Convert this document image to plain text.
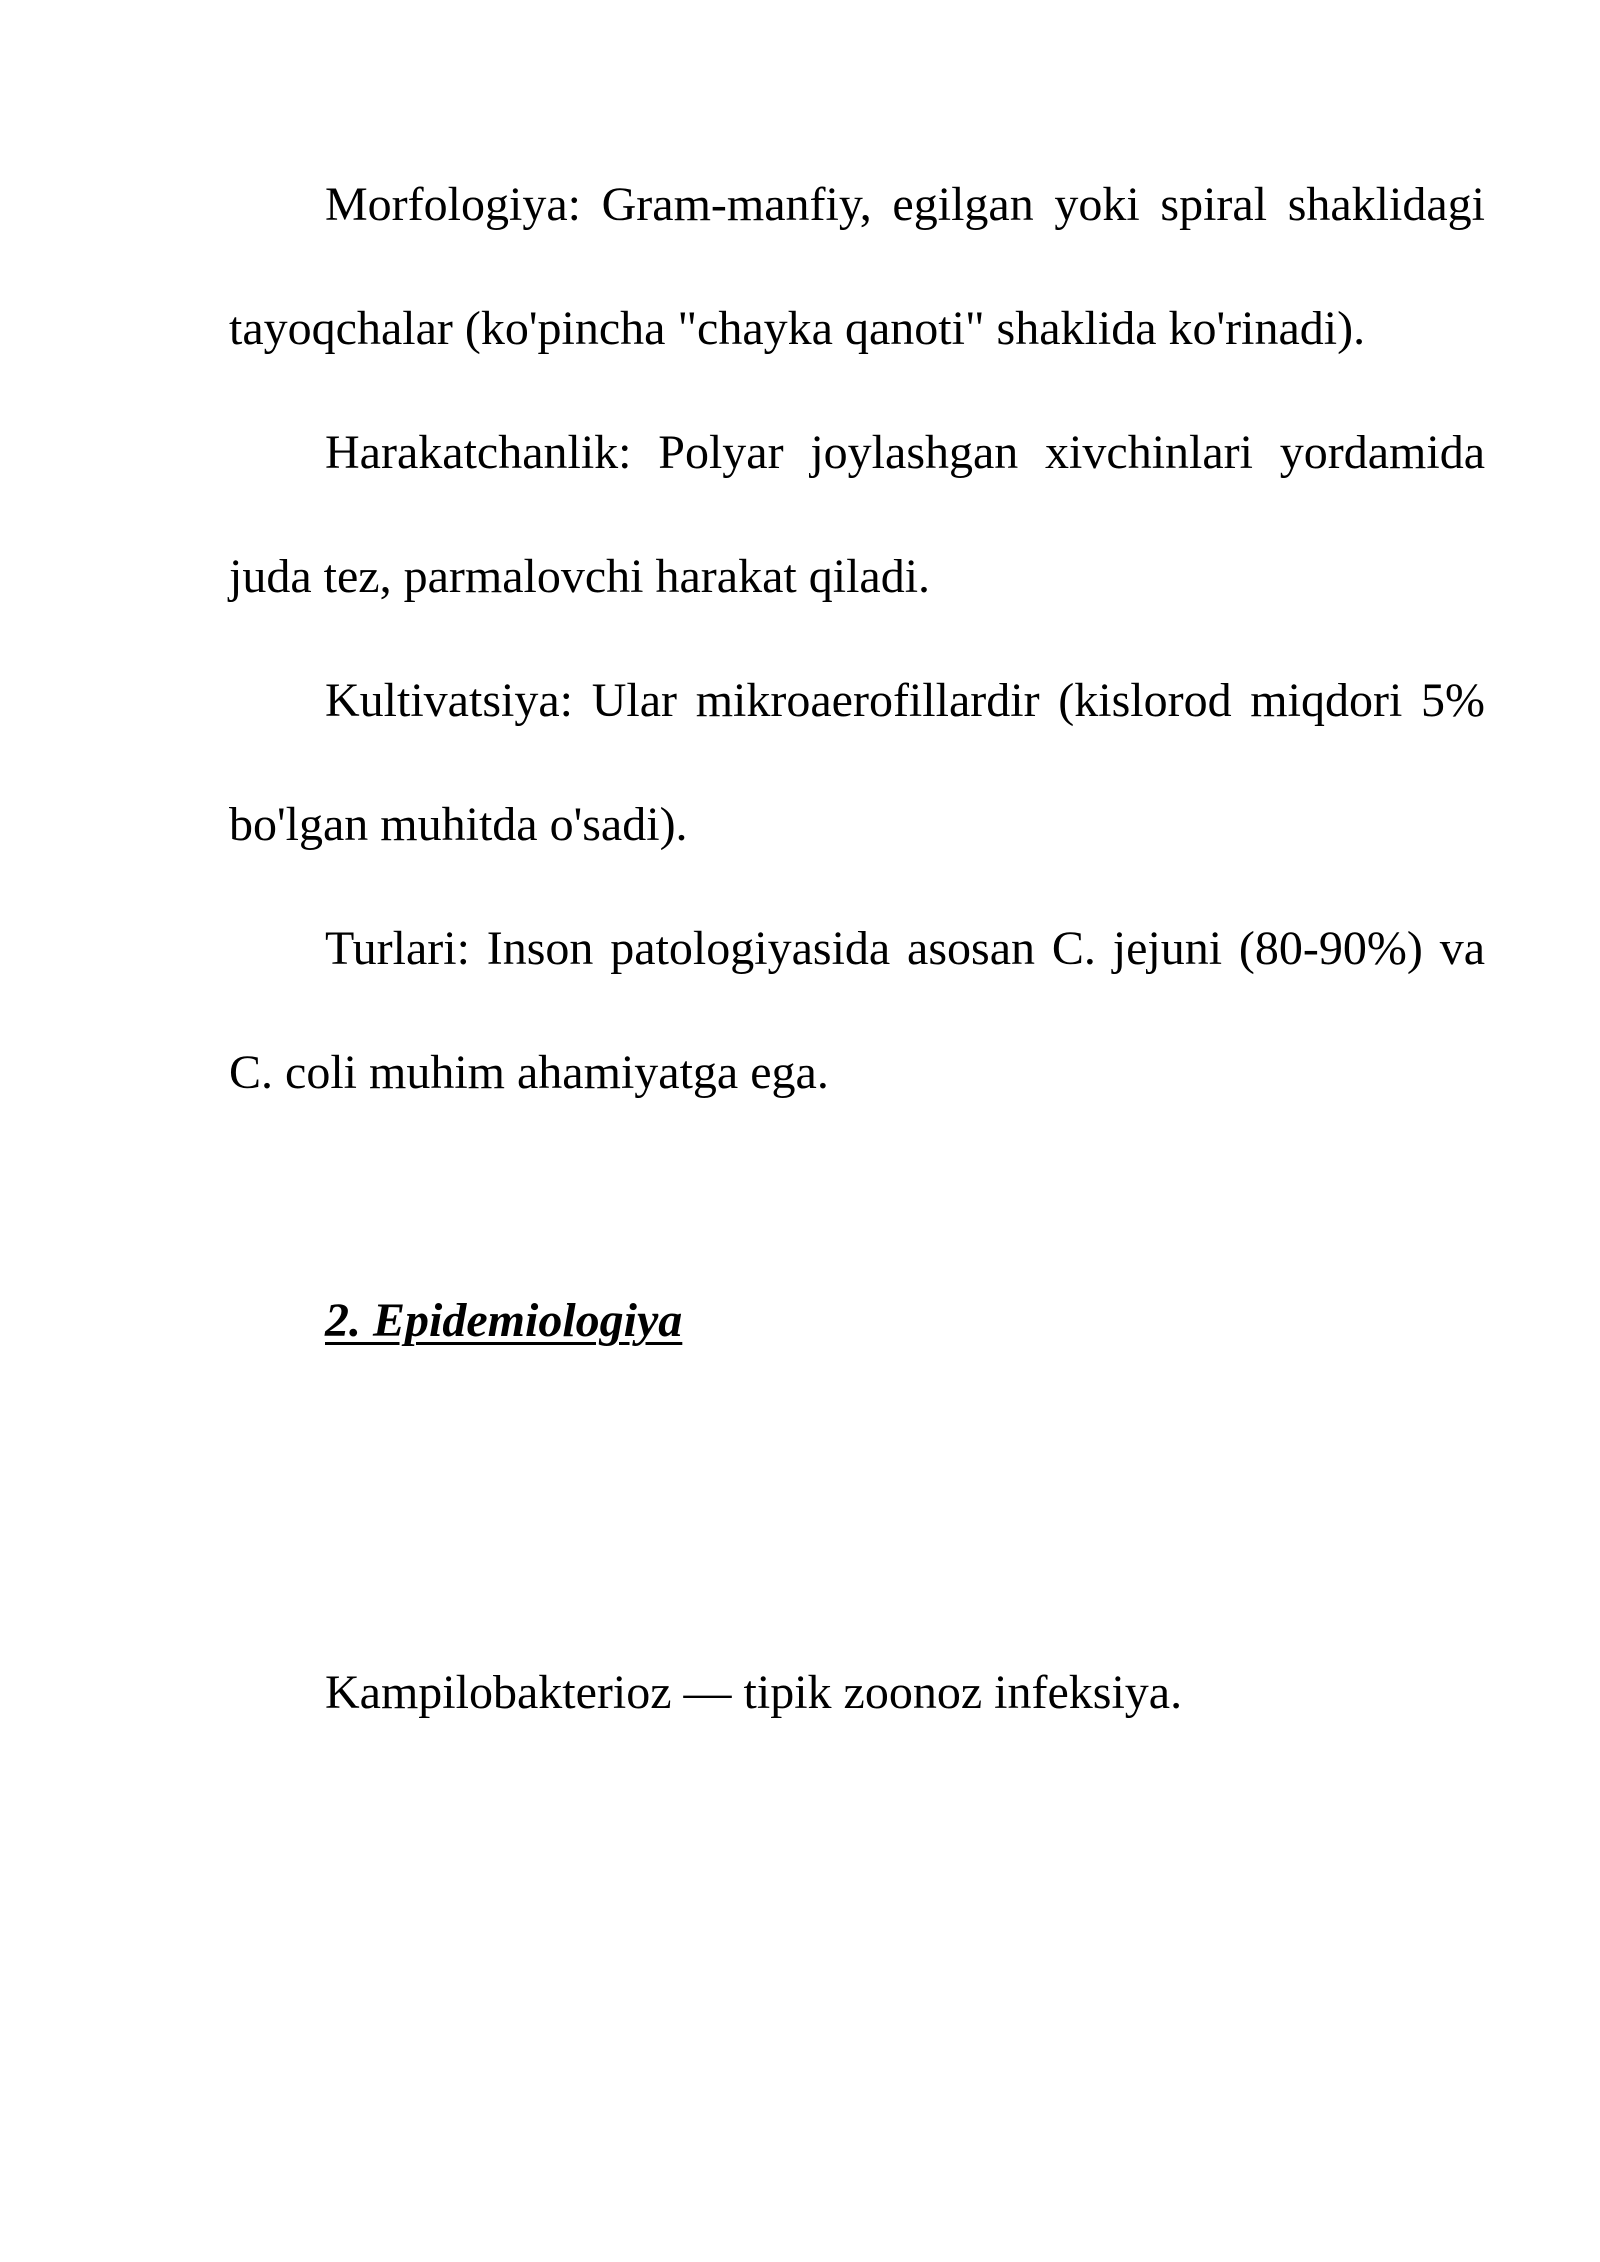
Morfologiya: Gram-manfiy, egilgan yoki spiral shaklidagi tayoqchalar (ko'pincha "chayka qanoti" shaklida ko'rinadi).

Harakatchanlik: Polyar joylashgan xivchinlari yordamida juda tez, parmalovchi harakat qiladi.

Kultivatsiya: Ular mikroaerofillardir (kislorod miqdori 5% bo'lgan muhitda o'sadi).

Turlari: Inson patologiyasida asosan C. jejuni (80-90%) va C. coli muhim ahamiyatga ega.

2. Epidemiologiya

Kampilobakterioz — tipik zoonoz infeksiya.
